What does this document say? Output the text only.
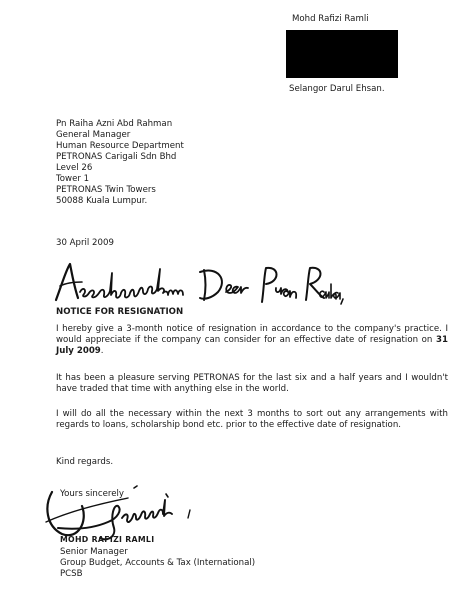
Mohd Rafizi Ramli
Selangor Darul Ehsan.
Pn Raiha Azni Abd Rahman
General Manager
Human Resource Department
PETRONAS Carigali Sdn Bhd
Level 26
Tower 1
PETRONAS Twin Towers
50088 Kuala Lumpur.
30 April 2009
NOTICE FOR RESIGNATION
I hereby give a 3-month notice of resignation in accordance to the company's practice. I would appreciate if the company can consider for an effective date of resignation on 31 July 2009.
It has been a pleasure serving PETRONAS for the last six and a half years and I wouldn't have traded that time with anything else in the world.
I will do all the necessary within the next 3 months to sort out any arrangements with regards to loans, scholarship bond etc. prior to the effective date of resignation.
Kind regards.
Yours sincerely
MOHD RAFIZI RAMLI
Senior Manager
Group Budget, Accounts & Tax (International)
PCSB
